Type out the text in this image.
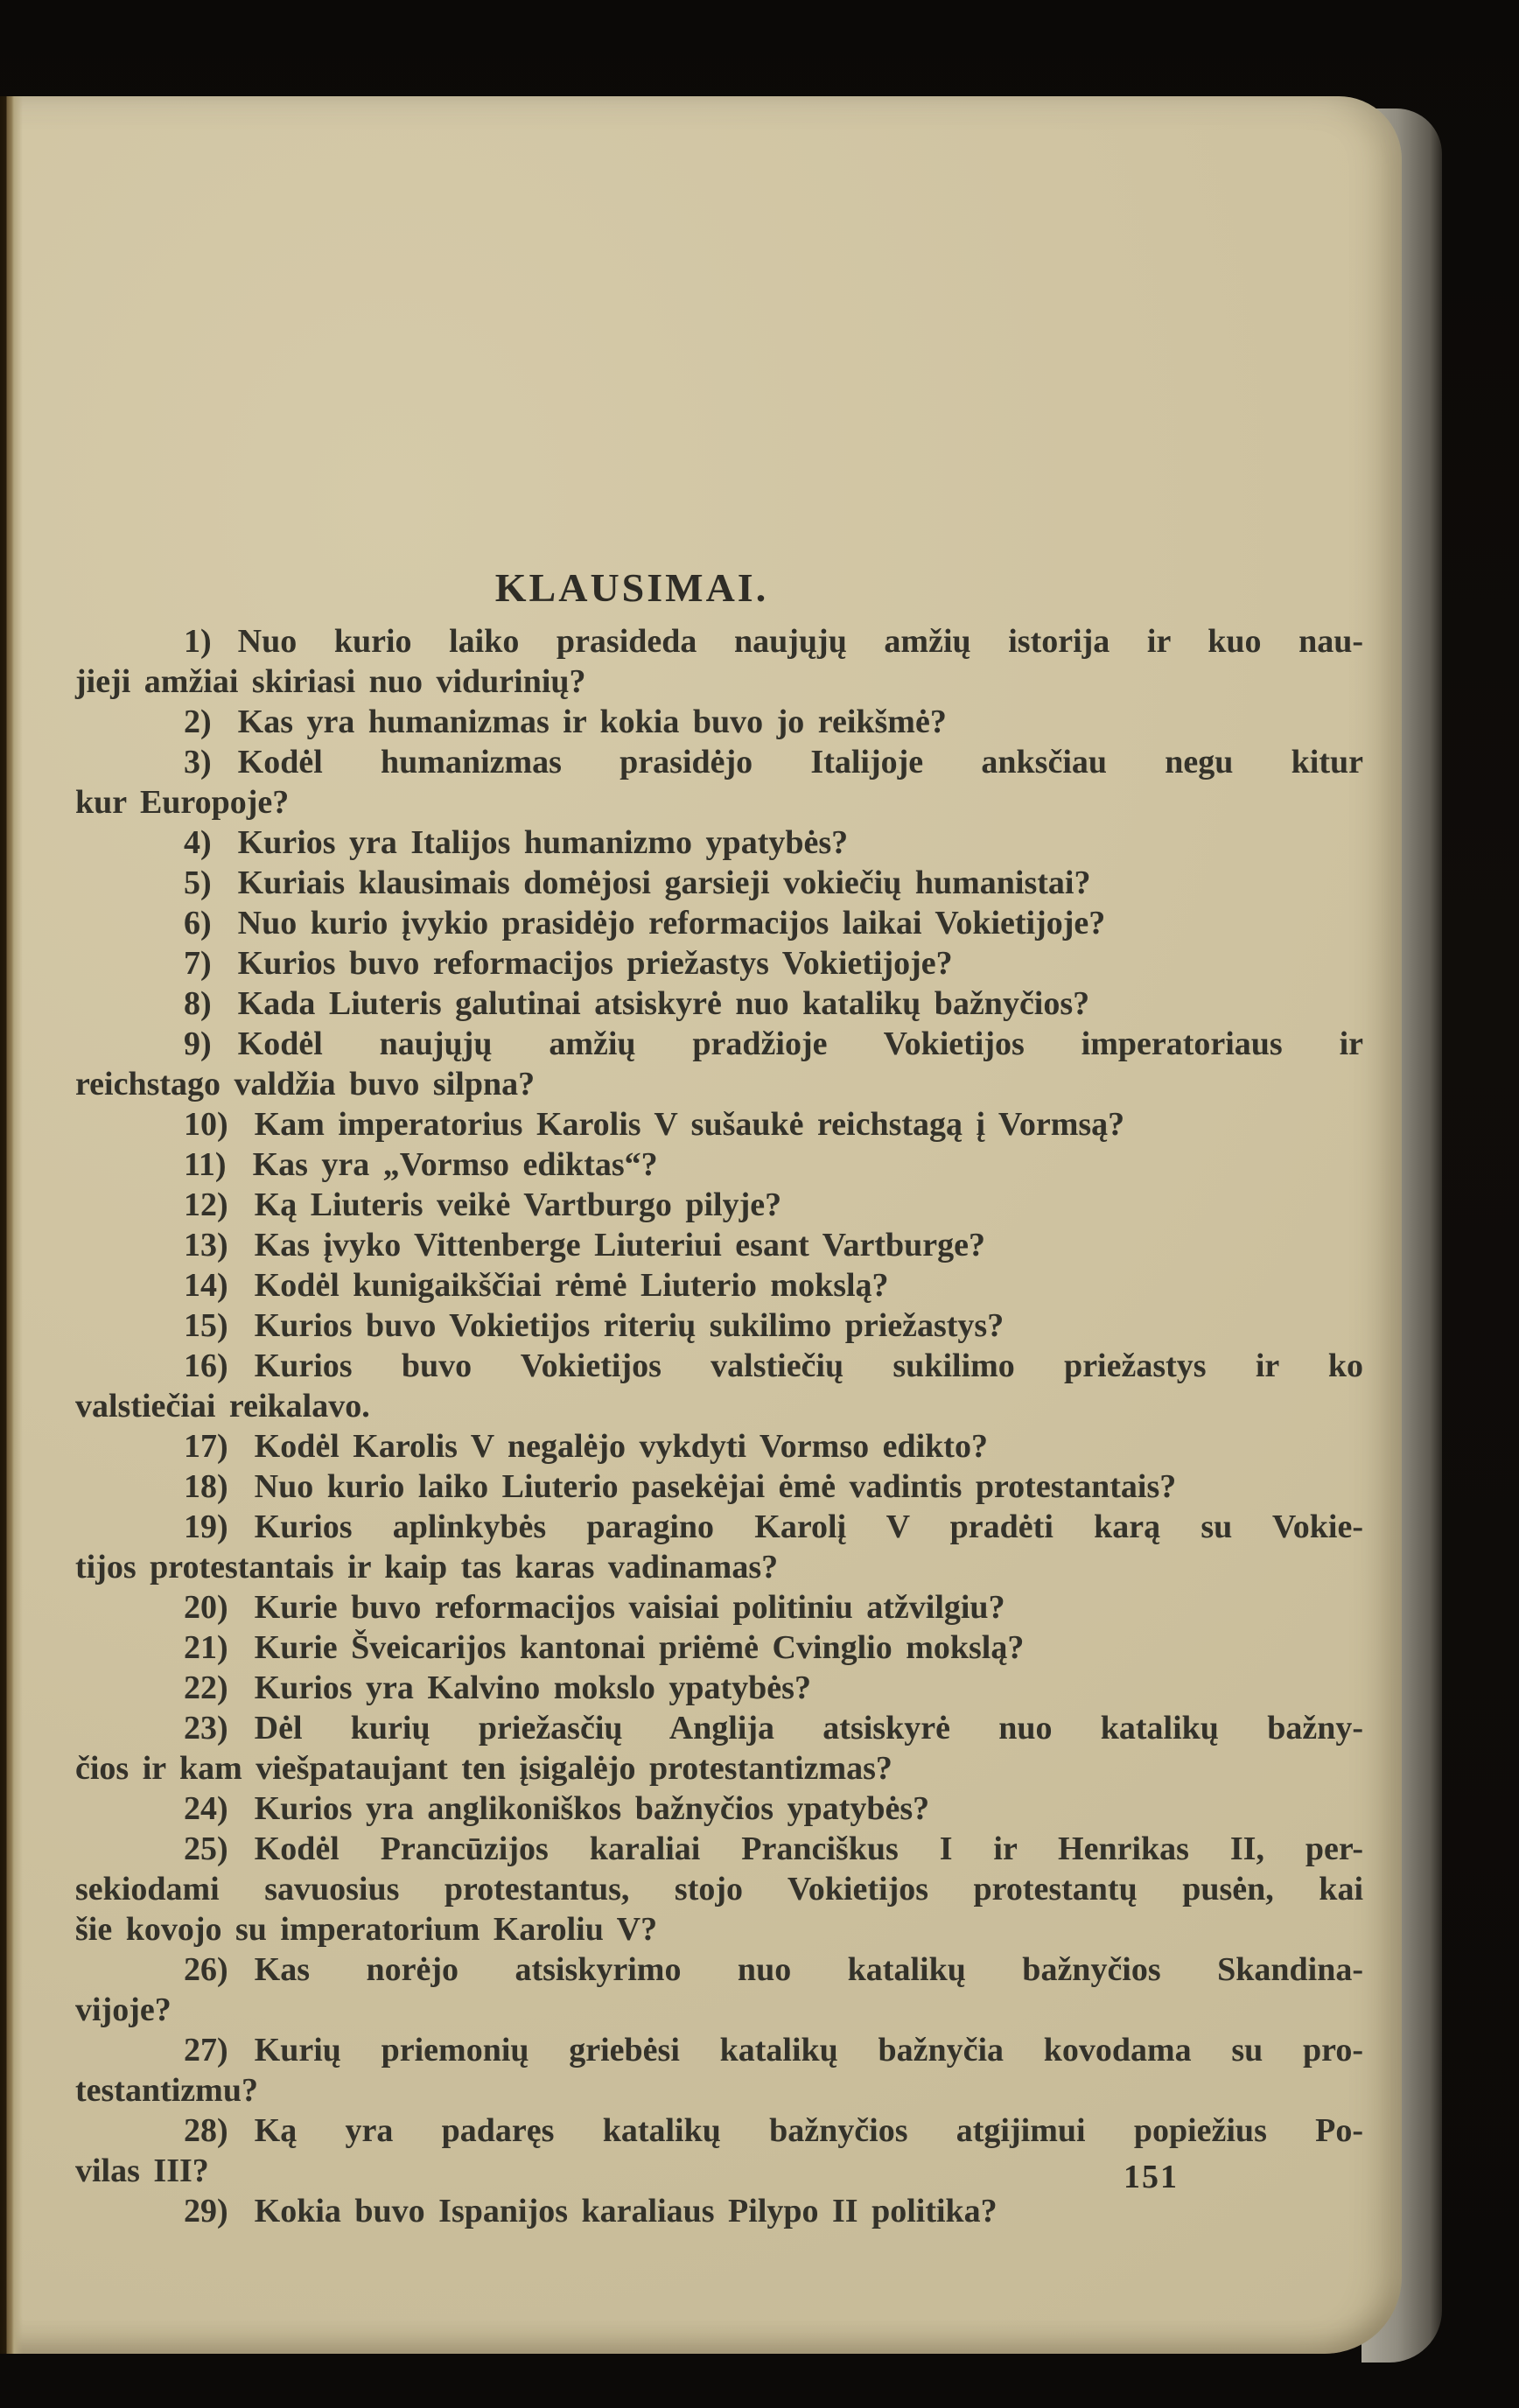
KLAUSIMAI.

1) Nuo kurio laiko prasideda naujųjų amžių istorija ir kuo nau-
jieji amžiai skiriasi nuo vidurinių?

2) Kas yra humanizmas ir kokia buvo jo reikšmė?

3) Kodėl humanizmas prasidėjo Italijoje anksčiau negu kitur
kur Europoje?

4) Kurios yra Italijos humanizmo ypatybės?

5) Kuriais klausimais domėjosi garsieji vokiečių humanistai?

6) Nuo kurio įvykio prasidėjo reformacijos laikai Vokietijoje?

7) Kurios buvo reformacijos priežastys Vokietijoje?

8) Kada Liuteris galutinai atsiskyrė nuo katalikų bažnyčios?

9) Kodėl naujųjų amžių pradžioje Vokietijos imperatoriaus ir
reichstago valdžia buvo silpna?

10) Kam imperatorius Karolis V sušaukė reichstagą į Vormsą?

11) Kas yra „Vormso ediktas“?

12) Ką Liuteris veikė Vartburgo pilyje?

13) Kas įvyko Vittenberge Liuteriui esant Vartburge?

14) Kodėl kunigaikščiai rėmė Liuterio mokslą?

15) Kurios buvo Vokietijos riterių sukilimo priežastys?

16) Kurios buvo Vokietijos valstiečių sukilimo priežastys ir ko
valstiečiai reikalavo.

17) Kodėl Karolis V negalėjo vykdyti Vormso edikto?

18) Nuo kurio laiko Liuterio pasekėjai ėmė vadintis protestantais?

19) Kurios aplinkybės paragino Karolį V pradėti karą su Vokie-
tijos protestantais ir kaip tas karas vadinamas?

20) Kurie buvo reformacijos vaisiai politiniu atžvilgiu?

21) Kurie Šveicarijos kantonai priėmė Cvinglio mokslą?

22) Kurios yra Kalvino mokslo ypatybės?

23) Dėl kurių priežasčių Anglija atsiskyrė nuo katalikų bažny-
čios ir kam viešpataujant ten įsigalėjo protestantizmas?

24) Kurios yra anglikoniškos bažnyčios ypatybės?

25) Kodėl Prancūzijos karaliai Pranciškus I ir Henrikas II, per-
sekiodami savuosius protestantus, stojo Vokietijos protestantų pusėn, kai
šie kovojo su imperatorium Karoliu V?

26) Kas norėjo atsiskyrimo nuo katalikų bažnyčios Skandina-
vijoje?

27) Kurių priemonių griebėsi katalikų bažnyčia kovodama su pro-
testantizmu?

28) Ką yra padaręs katalikų bažnyčios atgijimui popiežius Po-
vilas III?

29) Kokia buvo Ispanijos karaliaus Pilypo II politika?

151
